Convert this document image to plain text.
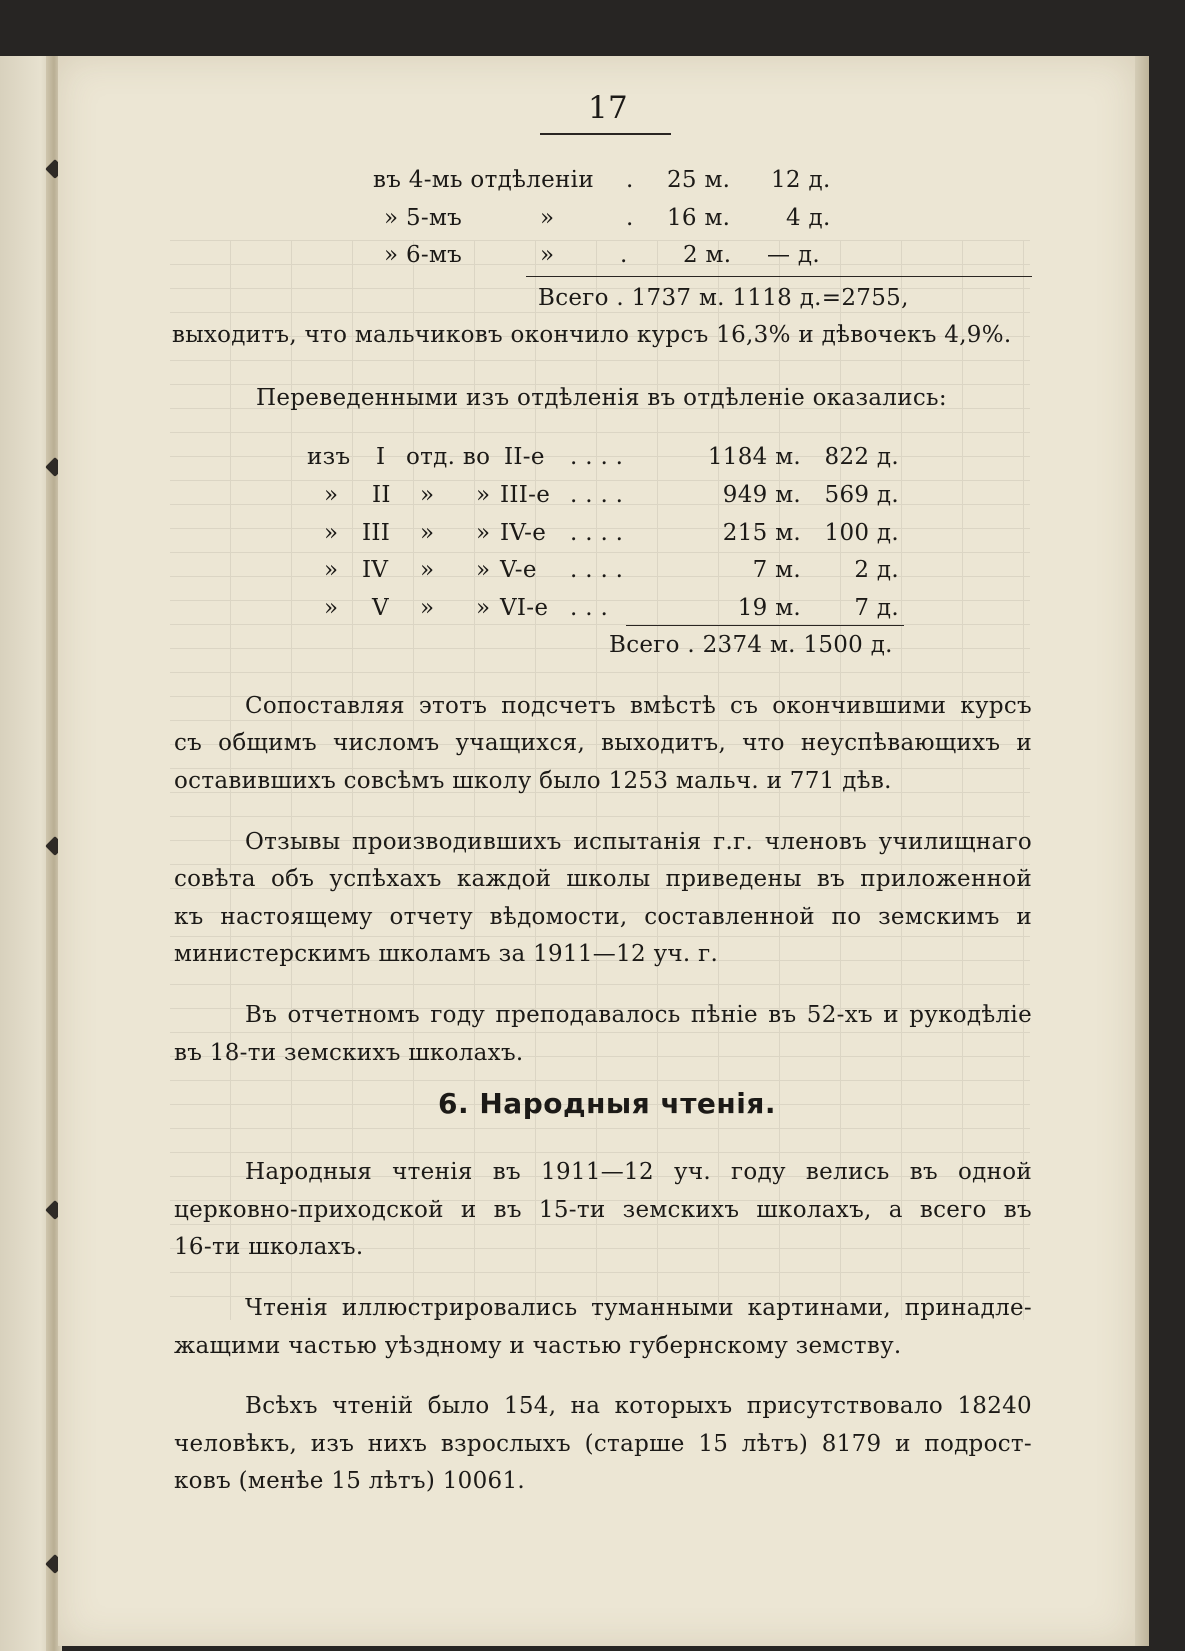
17
въ 4-мь отдѣленiи . 25 м. 12 д.
» 5-мъ	»	. 16 м. 4 д.
» 6-мъ	»	. 2 м. — д.
Всего . 1737 м. 1118 д.=2755,
выходитъ, что мальчиковъ окончило курсъ 16,3% и дѣвочекъ 4,9%.
Переведенными изъ отдѣленiя въ отдѣленiе оказались:
изъ I отд. во II-е . . . .	1184 м. 822 д.
» II » » III-е . . . .	949 м. 569 д.
» III » » IV-е . . . .	215 м. 100 д.
» IV » » V-е . . . .	7 м. 2 д.
» V » » VI-е . . .	19 м. 7 д.
Всего . 2374 м. 1500 д.
Сопоставляя этотъ подсчетъ вмѣстѣ съ окончившими курсъ
съ общимъ числомъ учащихся, выходитъ, что неуспѣвающихъ и
оставившихъ совсѣмъ школу было 1253 мальч. и 771 дѣв.
Отзывы производившихъ испытанiя г.г. членовъ училищнаго
совѣта объ успѣхахъ каждой школы приведены въ приложенной
къ настоящему отчету вѣдомости, составленной по земскимъ и
министерскимъ школамъ за 1911—12 уч. г.
Въ отчетномъ году преподавалось пѣнiе въ 52-хъ и рукодѣлiе
въ 18-ти земскихъ школахъ.
6. Народныя чтенiя.
Народныя чтенiя въ 1911—12 уч. году велись въ одной
церковно-приходской и въ 15-ти земскихъ школахъ, а всего въ
16-ти школахъ.
Чтенiя иллюстрировались туманными картинами, принадле-
жащими частью уѣздному и частью губернскому земству.
Всѣхъ чтенiй было 154, на которыхъ присутствовало 18240
человѣкъ, изъ нихъ взрослыхъ (старше 15 лѣтъ) 8179 и подрост-
ковъ (менѣе 15 лѣтъ) 10061.
